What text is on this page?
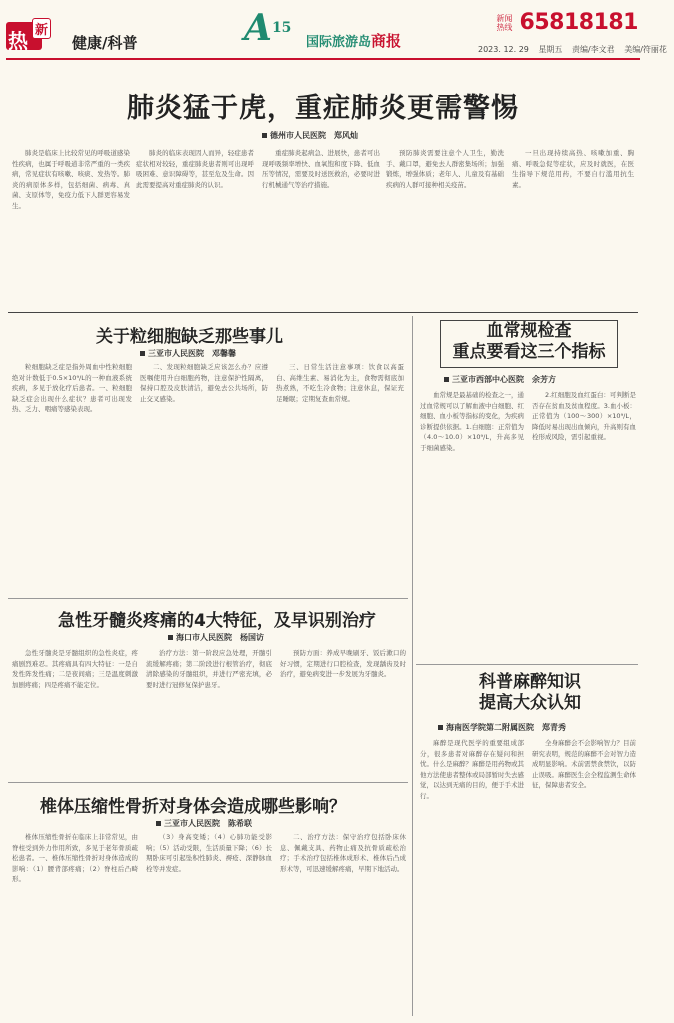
热 新
健康/科普	$A^{15}$
国际旅游岛商报
新闻热线 65818181
2023. 12. 29 星期五 责编/李文君 美编/符丽花
肺炎猛于虎，重症肺炎更需警惕
德州市人民医院　郑风灿

肺炎是临床上比较常见的呼吸道感染性疾病，也属于呼吸道非常严重的一类疾病，常见症状有咳嗽、咳痰、发热等。肺炎的病原体多样，包括细菌、病毒、真菌、支原体等，免疫力低下人群更容易发生。

肺炎的临床表现因人而异，轻症患者症状相对较轻，重症肺炎患者则可出现呼吸困难、意识障碍等，甚至危及生命。因此需要提高对重症肺炎的认识。

重症肺炎起病急、进展快，患者可出现呼吸频率增快、血氧饱和度下降、低血压等情况，需要及时送医救治，必要时进行机械通气等治疗措施。

预防肺炎需要注意个人卫生，勤洗手、戴口罩，避免去人群密集场所；加强锻炼，增强体质；老年人、儿童及有基础疾病的人群可接种相关疫苗。

一旦出现持续高热、咳嗽加重、胸痛、呼吸急促等症状，应及时就医，在医生指导下规范用药，不要自行滥用抗生素。

关于粒细胞缺乏那些事儿
三亚市人民医院　邓馨馨

粒细胞缺乏症是指外周血中性粒细胞绝对计数低于0.5×10⁹/L的一种血液系统疾病，多见于放化疗后患者。一、粒细胞缺乏症会出现什么症状？患者可出现发热、乏力、咽痛等感染表现。

二、发现粒细胞缺乏应该怎么办？应遵医嘱使用升白细胞药物，注意保护性隔离，保持口腔及皮肤清洁，避免去公共场所，防止交叉感染。

三、日常生活注意事项：饮食以高蛋白、高维生素、易消化为主，食物需彻底加热煮熟，不吃生冷食物；注意休息，保证充足睡眠；定期复查血常规。

急性牙髓炎疼痛的4大特征，及早识别治疗
海口市人民医院　杨国访

急性牙髓炎是牙髓组织的急性炎症，疼痛剧烈难忍。其疼痛具有四大特征：一是自发性阵发性痛；二是夜间痛；三是温度刺激加剧疼痛；四是疼痛不能定位。

治疗方法：第一阶段应急处理，开髓引流缓解疼痛；第二阶段进行根管治疗，彻底清除感染的牙髓组织，并进行严密充填，必要时进行冠修复保护患牙。

预防方面：养成早晚刷牙、饭后漱口的好习惯，定期进行口腔检查，发现龋齿及时治疗，避免病变进一步发展为牙髓炎。

椎体压缩性骨折对身体会造成哪些影响？
三亚市人民医院　陈希联

椎体压缩性骨折在临床上非常常见，由脊柱受到外力作用所致，多见于老年骨质疏松患者。一、椎体压缩性骨折对身体造成的影响：（1）腰背部疼痛；（2）脊柱后凸畸形。

（3）身高变矮；（4）心肺功能受影响；（5）活动受限，生活质量下降；（6）长期卧床可引起坠积性肺炎、褥疮、深静脉血栓等并发症。

二、治疗方法：保守治疗包括卧床休息、佩戴支具、药物止痛及抗骨质疏松治疗；手术治疗包括椎体成形术、椎体后凸成形术等，可迅速缓解疼痛，早期下地活动。

血常规检查
重点要看这三个指标
三亚市西部中心医院　余芳方

血常规是最基础的检查之一，通过血常规可以了解血液中白细胞、红细胞、血小板等指标的变化，为疾病诊断提供依据。1.白细胞：正常值为（4.0～10.0）×10⁹/L，升高多见于细菌感染。

2.红细胞及血红蛋白：可判断是否存在贫血及贫血程度。3.血小板：正常值为（100～300）×10⁹/L，降低时易出现出血倾向，升高则有血栓形成风险，需引起重视。

科普麻醉知识
提高大众认知
海南医学院第二附属医院　郑青秀

麻醉是现代医学的重要组成部分，很多患者对麻醉存在疑问和担忧。什么是麻醉？麻醉是用药物或其他方法使患者整体或局部暂时失去感觉，以达到无痛的目的，便于手术进行。

全身麻醉会不会影响智力？目前研究表明，规范的麻醉不会对智力造成明显影响。术前需禁食禁饮，以防止误吸。麻醉医生会全程监测生命体征，保障患者安全。
